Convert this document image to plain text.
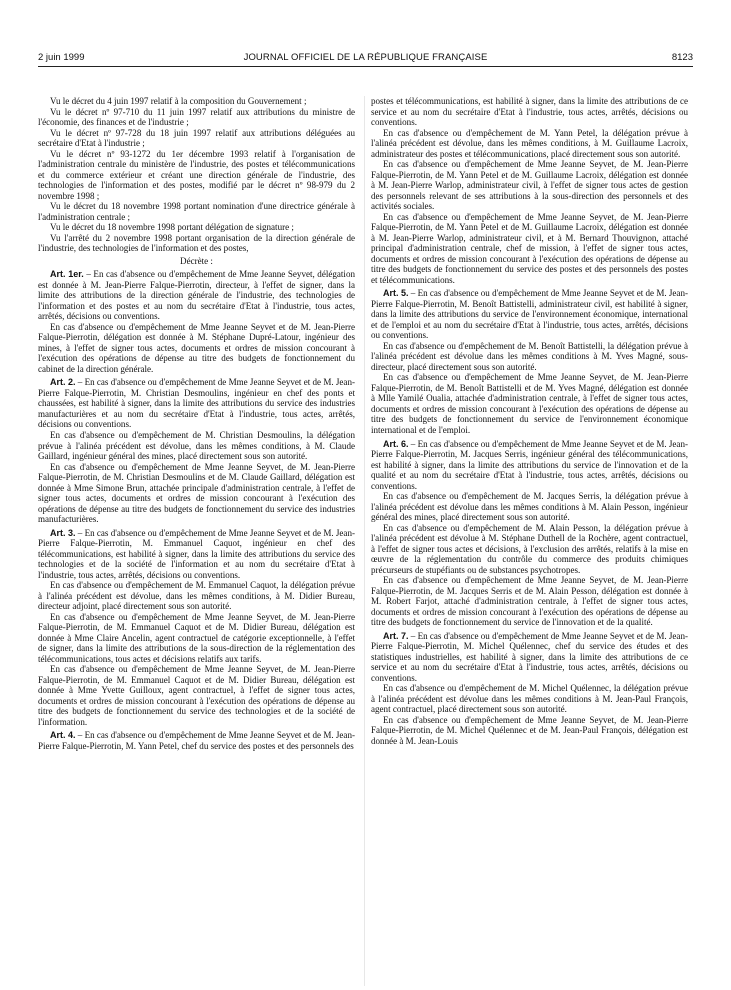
2 juin 1999	JOURNAL OFFICIEL DE LA RÉPUBLIQUE FRANÇAISE	8123

Vu le décret du 4 juin 1997 relatif à la composition du Gouvernement ;

Vu le décret nº 97-710 du 11 juin 1997 relatif aux attributions du ministre de l'économie, des finances et de l'industrie ;

Vu le décret nº 97-728 du 18 juin 1997 relatif aux attributions déléguées au secrétaire d'Etat à l'industrie ;

Vu le décret nº 93-1272 du 1er décembre 1993 relatif à l'organisation de l'administration centrale du ministère de l'industrie, des postes et télécommunications et du commerce extérieur et créant une direction générale de l'industrie, des technologies de l'information et des postes, modifié par le décret nº 98-979 du 2 novembre 1998 ;

Vu le décret du 18 novembre 1998 portant nomination d'une directrice générale à l'administration centrale ;

Vu le décret du 18 novembre 1998 portant délégation de signature ;

Vu l'arrêté du 2 novembre 1998 portant organisation de la direction générale de l'industrie, des technologies de l'information et des postes,

Décrète :

Art. 1er. – En cas d'absence ou d'empêchement de Mme Jeanne Seyvet, délégation est donnée à M. Jean-Pierre Falque-Pierrotin, directeur, à l'effet de signer, dans la limite des attributions de la direction générale de l'industrie, des technologies de l'information et des postes et au nom du secrétaire d'Etat à l'industrie, tous actes, arrêtés, décisions ou conventions.

En cas d'absence ou d'empêchement de Mme Jeanne Seyvet et de M. Jean-Pierre Falque-Pierrotin, délégation est donnée à M. Stéphane Dupré-Latour, ingénieur des mines, à l'effet de signer tous actes, documents et ordres de mission concourant à l'exécution des opérations de dépense au titre des budgets de fonctionnement du cabinet de la direction générale.

Art. 2. – En cas d'absence ou d'empêchement de Mme Jeanne Seyvet et de M. Jean-Pierre Falque-Pierrotin, M. Christian Desmoulins, ingénieur en chef des ponts et chaussées, est habilité à signer, dans la limite des attributions du service des industries manufacturières et au nom du secrétaire d'Etat à l'industrie, tous actes, arrêtés, décisions ou conventions.

En cas d'absence ou d'empêchement de M. Christian Desmoulins, la délégation prévue à l'alinéa précédent est dévolue, dans les mêmes conditions, à M. Claude Gaillard, ingénieur général des mines, placé directement sous son autorité.

En cas d'absence ou d'empêchement de Mme Jeanne Seyvet, de M. Jean-Pierre Falque-Pierrotin, de M. Christian Desmoulins et de M. Claude Gaillard, délégation est donnée à Mme Simone Brun, attachée principale d'administration centrale, à l'effet de signer tous actes, documents et ordres de mission concourant à l'exécution des opérations de dépense au titre des budgets de fonctionnement du service des industries manufacturières.

Art. 3. – En cas d'absence ou d'empêchement de Mme Jeanne Seyvet et de M. Jean-Pierre Falque-Pierrotin, M. Emmanuel Caquot, ingénieur en chef des télécommunications, est habilité à signer, dans la limite des attributions du service des technologies et de la société de l'information et au nom du secrétaire d'Etat à l'industrie, tous actes, arrêtés, décisions ou conventions.

En cas d'absence ou d'empêchement de M. Emmanuel Caquot, la délégation prévue à l'alinéa précédent est dévolue, dans les mêmes conditions, à M. Didier Bureau, directeur adjoint, placé directement sous son autorité.

En cas d'absence ou d'empêchement de Mme Jeanne Seyvet, de M. Jean-Pierre Falque-Pierrotin, de M. Emmanuel Caquot et de M. Didier Bureau, délégation est donnée à Mme Claire Ancelin, agent contractuel de catégorie exceptionnelle, à l'effet de signer, dans la limite des attributions de la sous-direction de la réglementation des télécommunications, tous actes et décisions relatifs aux tarifs.

En cas d'absence ou d'empêchement de Mme Jeanne Seyvet, de M. Jean-Pierre Falque-Pierrotin, de M. Emmanuel Caquot et de M. Didier Bureau, délégation est donnée à Mme Yvette Guilloux, agent contractuel, à l'effet de signer tous actes, documents et ordres de mission concourant à l'exécution des opérations de dépense au titre des budgets de fonctionnement du service des technologies et de la société de l'information.

Art. 4. – En cas d'absence ou d'empêchement de Mme Jeanne Seyvet et de M. Jean-Pierre Falque-Pierrotin, M. Yann Petel, chef du service des postes et des personnels des

postes et télécommunications, est habilité à signer, dans la limite des attributions de ce service et au nom du secrétaire d'Etat à l'industrie, tous actes, arrêtés, décisions ou conventions.

En cas d'absence ou d'empêchement de M. Yann Petel, la délégation prévue à l'alinéa précédent est dévolue, dans les mêmes conditions, à M. Guillaume Lacroix, administrateur des postes et télécommunications, placé directement sous son autorité.

En cas d'absence ou d'empêchement de Mme Jeanne Seyvet, de M. Jean-Pierre Falque-Pierrotin, de M. Yann Petel et de M. Guillaume Lacroix, délégation est donnée à M. Jean-Pierre Warlop, administrateur civil, à l'effet de signer tous actes de gestion des personnels relevant de ses attributions à la sous-direction des personnels et des activités sociales.

En cas d'absence ou d'empêchement de Mme Jeanne Seyvet, de M. Jean-Pierre Falque-Pierrotin, de M. Yann Petel et de M. Guillaume Lacroix, délégation est donnée à M. Jean-Pierre Warlop, administrateur civil, et à M. Bernard Thouvignon, attaché principal d'administration centrale, chef de mission, à l'effet de signer tous actes, documents et ordres de mission concourant à l'exécution des opérations de dépense au titre des budgets de fonctionnement du service des postes et des personnels des postes et télécommunications.

Art. 5. – En cas d'absence ou d'empêchement de Mme Jeanne Seyvet et de M. Jean-Pierre Falque-Pierrotin, M. Benoît Battistelli, administrateur civil, est habilité à signer, dans la limite des attributions du service de l'environnement économique, international et de l'emploi et au nom du secrétaire d'Etat à l'industrie, tous actes, arrêtés, décisions ou conventions.

En cas d'absence ou d'empêchement de M. Benoît Battistelli, la délégation prévue à l'alinéa précédent est dévolue dans les mêmes conditions à M. Yves Magné, sous-directeur, placé directement sous son autorité.

En cas d'absence ou d'empêchement de Mme Jeanne Seyvet, de M. Jean-Pierre Falque-Pierrotin, de M. Benoît Battistelli et de M. Yves Magné, délégation est donnée à Mlle Yamilé Oualia, attachée d'administration centrale, à l'effet de signer tous actes, documents et ordres de mission concourant à l'exécution des opérations de dépense au titre des budgets de fonctionnement du service de l'environnement économique international et de l'emploi.

Art. 6. – En cas d'absence ou d'empêchement de Mme Jeanne Seyvet et de M. Jean-Pierre Falque-Pierrotin, M. Jacques Serris, ingénieur général des télécommunications, est habilité à signer, dans la limite des attributions du service de l'innovation et de la qualité et au nom du secrétaire d'Etat à l'industrie, tous actes, arrêtés, décisions ou conventions.

En cas d'absence ou d'empêchement de M. Jacques Serris, la délégation prévue à l'alinéa précédent est dévolue dans les mêmes conditions à M. Alain Pesson, ingénieur général des mines, placé directement sous son autorité.

En cas d'absence ou d'empêchement de M. Alain Pesson, la délégation prévue à l'alinéa précédent est dévolue à M. Stéphane Duthell de la Rochère, agent contractuel, à l'effet de signer tous actes et décisions, à l'exclusion des arrêtés, relatifs à la mise en œuvre de la réglementation du contrôle du commerce des produits chimiques précurseurs de stupéfiants ou de substances psychotropes.

En cas d'absence ou d'empêchement de Mme Jeanne Seyvet, de M. Jean-Pierre Falque-Pierrotin, de M. Jacques Serris et de M. Alain Pesson, délégation est donnée à M. Robert Farjot, attaché d'administration centrale, à l'effet de signer tous actes, documents et ordres de mission concourant à l'exécution des opérations de dépense au titre des budgets de fonctionnement du service de l'innovation et de la qualité.

Art. 7. – En cas d'absence ou d'empêchement de Mme Jeanne Seyvet et de M. Jean-Pierre Falque-Pierrotin, M. Michel Quélennec, chef du service des études et des statistiques industrielles, est habilité à signer, dans la limite des attributions de ce service et au nom du secrétaire d'Etat à l'industrie, tous actes, arrêtés, décisions ou conventions.

En cas d'absence ou d'empêchement de M. Michel Quélennec, la délégation prévue à l'alinéa précédent est dévolue dans les mêmes conditions à M. Jean-Paul François, agent contractuel, placé directement sous son autorité.

En cas d'absence ou d'empêchement de Mme Jeanne Seyvet, de M. Jean-Pierre Falque-Pierrotin, de M. Michel Quélennec et de M. Jean-Paul François, délégation est donnée à M. Jean-Louis
